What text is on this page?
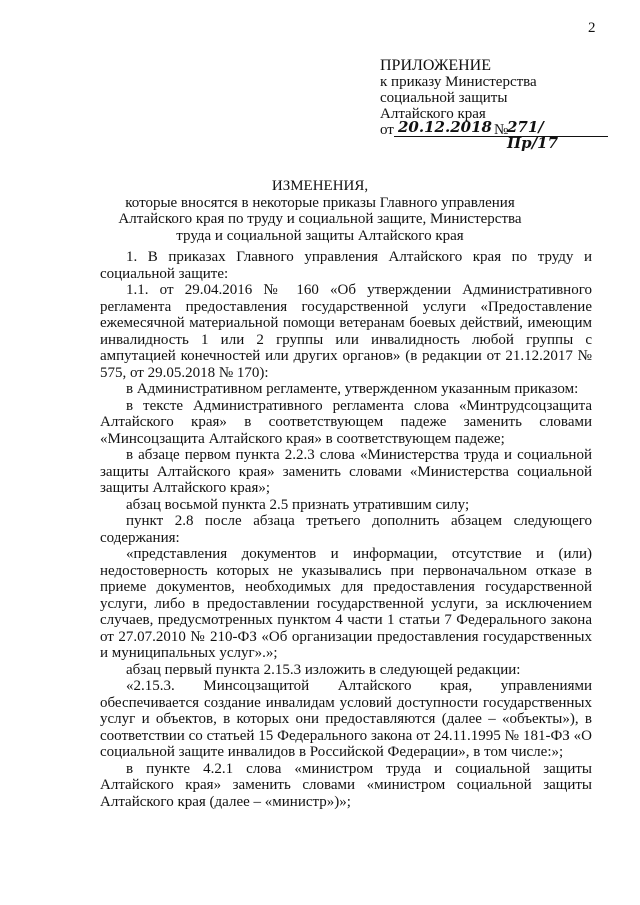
2
ПРИЛОЖЕНИЕ
к приказу Министерства
социальной защиты
Алтайского края
от 20.12.2018 №
271/Пр/17
ИЗМЕНЕНИЯ,
которые вносятся в некоторые приказы Главного управления
Алтайского края по труду и социальной защите, Министерства
труда и социальной защиты Алтайского края

1. В приказах Главного управления Алтайского края по труду и социальной защите:

1.1. от 29.04.2016 № 160 «Об утверждении Административного регламента предоставления государственной услуги «Предоставление ежемесячной материальной помощи ветеранам боевых действий, имеющим инвалидность 1 или 2 группы или инвалидность любой группы с ампутацией конечностей или других органов» (в редакции от 21.12.2017 № 575, от 29.05.2018 № 170):

в Административном регламенте, утвержденном указанным приказом:

в тексте Административного регламента слова «Минтрудсоцзащита Алтайского края» в соответствующем падеже заменить словами «Минсоцзащита Алтайского края» в соответствующем падеже;

в абзаце первом пункта 2.2.3 слова «Министерства труда и социальной защиты Алтайского края» заменить словами «Министерства социальной защиты Алтайского края»;

абзац восьмой пункта 2.5 признать утратившим силу;

пункт 2.8 после абзаца третьего дополнить абзацем следующего содержания:

«представления документов и информации, отсутствие и (или) недостоверность которых не указывались при первоначальном отказе в приеме документов, необходимых для предоставления государственной услуги, либо в предоставлении государственной услуги, за исключением случаев, предусмотренных пунктом 4 части 1 статьи 7 Федерального закона от 27.07.2010 № 210-ФЗ «Об организации предоставления государственных и муниципальных услуг».»;

абзац первый пункта 2.15.3 изложить в следующей редакции:

«2.15.3. Минсоцзащитой Алтайского края, управлениями обеспечивается создание инвалидам условий доступности государственных услуг и объектов, в которых они предоставляются (далее – «объекты»), в соответствии со статьей 15 Федерального закона от 24.11.1995 № 181-ФЗ «О социальной защите инвалидов в Российской Федерации», в том числе:»;

в пункте 4.2.1 слова «министром труда и социальной защиты Алтайского края» заменить словами «министром социальной защиты Алтайского края (далее – «министр»)»;
